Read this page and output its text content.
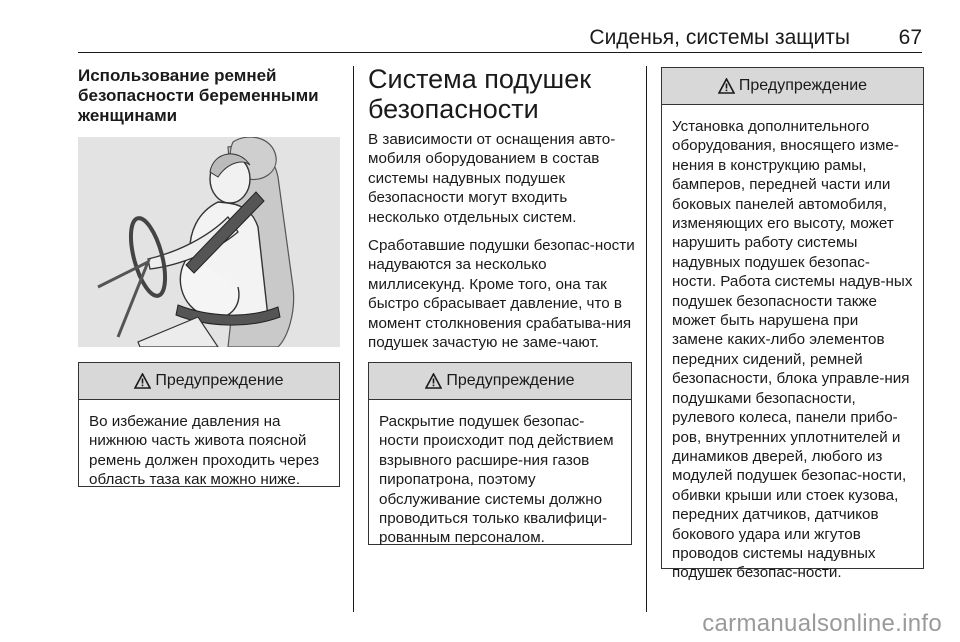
Сиденья, системы защиты 67
Использование ремней безопасности беременными женщинами
Предупреждение
Во избежание давления на нижнюю часть живота поясной ремень должен проходить через область таза как можно ниже.
Система подушек безопасности
В зависимости от оснащения авто-мобиля оборудованием в состав системы надувных подушек безопасности могут входить несколько отдельных систем.
Сработавшие подушки безопас-ности надуваются за несколько миллисекунд. Кроме того, она так быстро сбрасывает давление, что в момент столкновения срабатыва-ния подушек зачастую не заме-чают.
Предупреждение
Раскрытие подушек безопас-ности происходит под действием взрывного расшире-ния газов пиропатрона, поэтому обслуживание системы должно проводиться только квалифици-рованным персоналом.
Предупреждение
Установка дополнительного оборудования, вносящего изме-нения в конструкцию рамы, бамперов, передней части или боковых панелей автомобиля, изменяющих его высоту, может нарушить работу системы надувных подушек безопас-ности. Работа системы надув-ных подушек безопасности также может быть нарушена при замене каких-либо элементов передних сидений, ремней безопасности, блока управле-ния подушками безопасности, рулевого колеса, панели прибо-ров, внутренних уплотнителей и динамиков дверей, любого из модулей подушек безопас-ности, обивки крыши или стоек кузова, передних датчиков, датчиков бокового удара или жгутов проводов системы надувных подушек безопас-ности.
carmanualsonline.info
